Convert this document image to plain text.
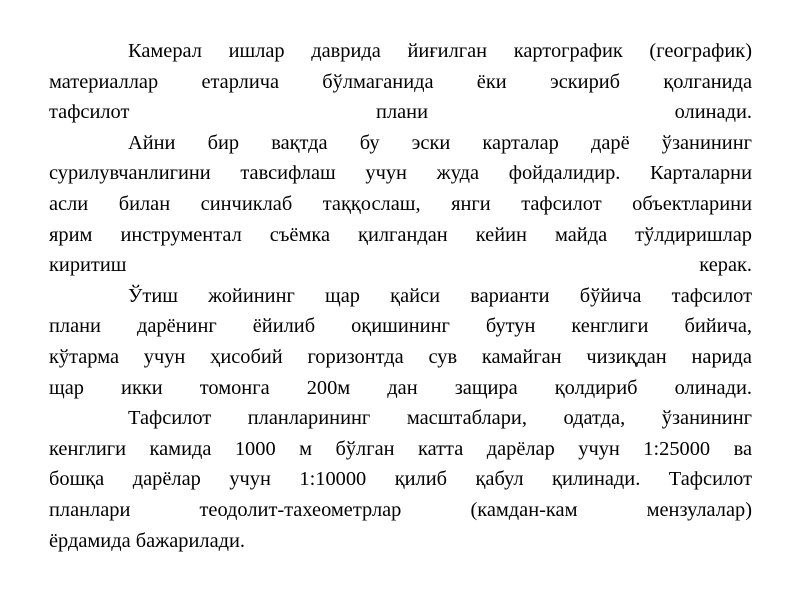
Камерал ишлар даврида йиғилган картографик (географик)
материаллар етарлича бўлмаганида ёки эскириб қолганида
тафсилот плани олинади.
Айни бир вақтда бу эски карталар дарё ўзанининг
сурилувчанлигини тавсифлаш учун жуда фойдалидир. Карталарни
асли билан синчиклаб таққослаш, янги тафсилот объектларини
ярим инструментал съёмка қилгандан кейин майда тўлдиришлар
киритиш керак.
Ўтиш жойининг щар қайси варианти бўйича тафсилот
плани дарёнинг ёйилиб оқишининг бутун кенглиги бийича,
кўтарма учун ҳисобий горизонтда сув камайган чизиқдан нарида
щар икки томонга 200м дан защира қолдириб олинади.
Тафсилот планларининг масштаблари, одатда, ўзанининг
кенглиги камида 1000 м бўлган катта дарёлар учун 1:25000 ва
бошқа дарёлар учун 1:10000 қилиб қабул қилинади. Тафсилот
планлари теодолит-тахеометрлар (камдан-кам мензулалар)
ёрдамида бажарилади.
